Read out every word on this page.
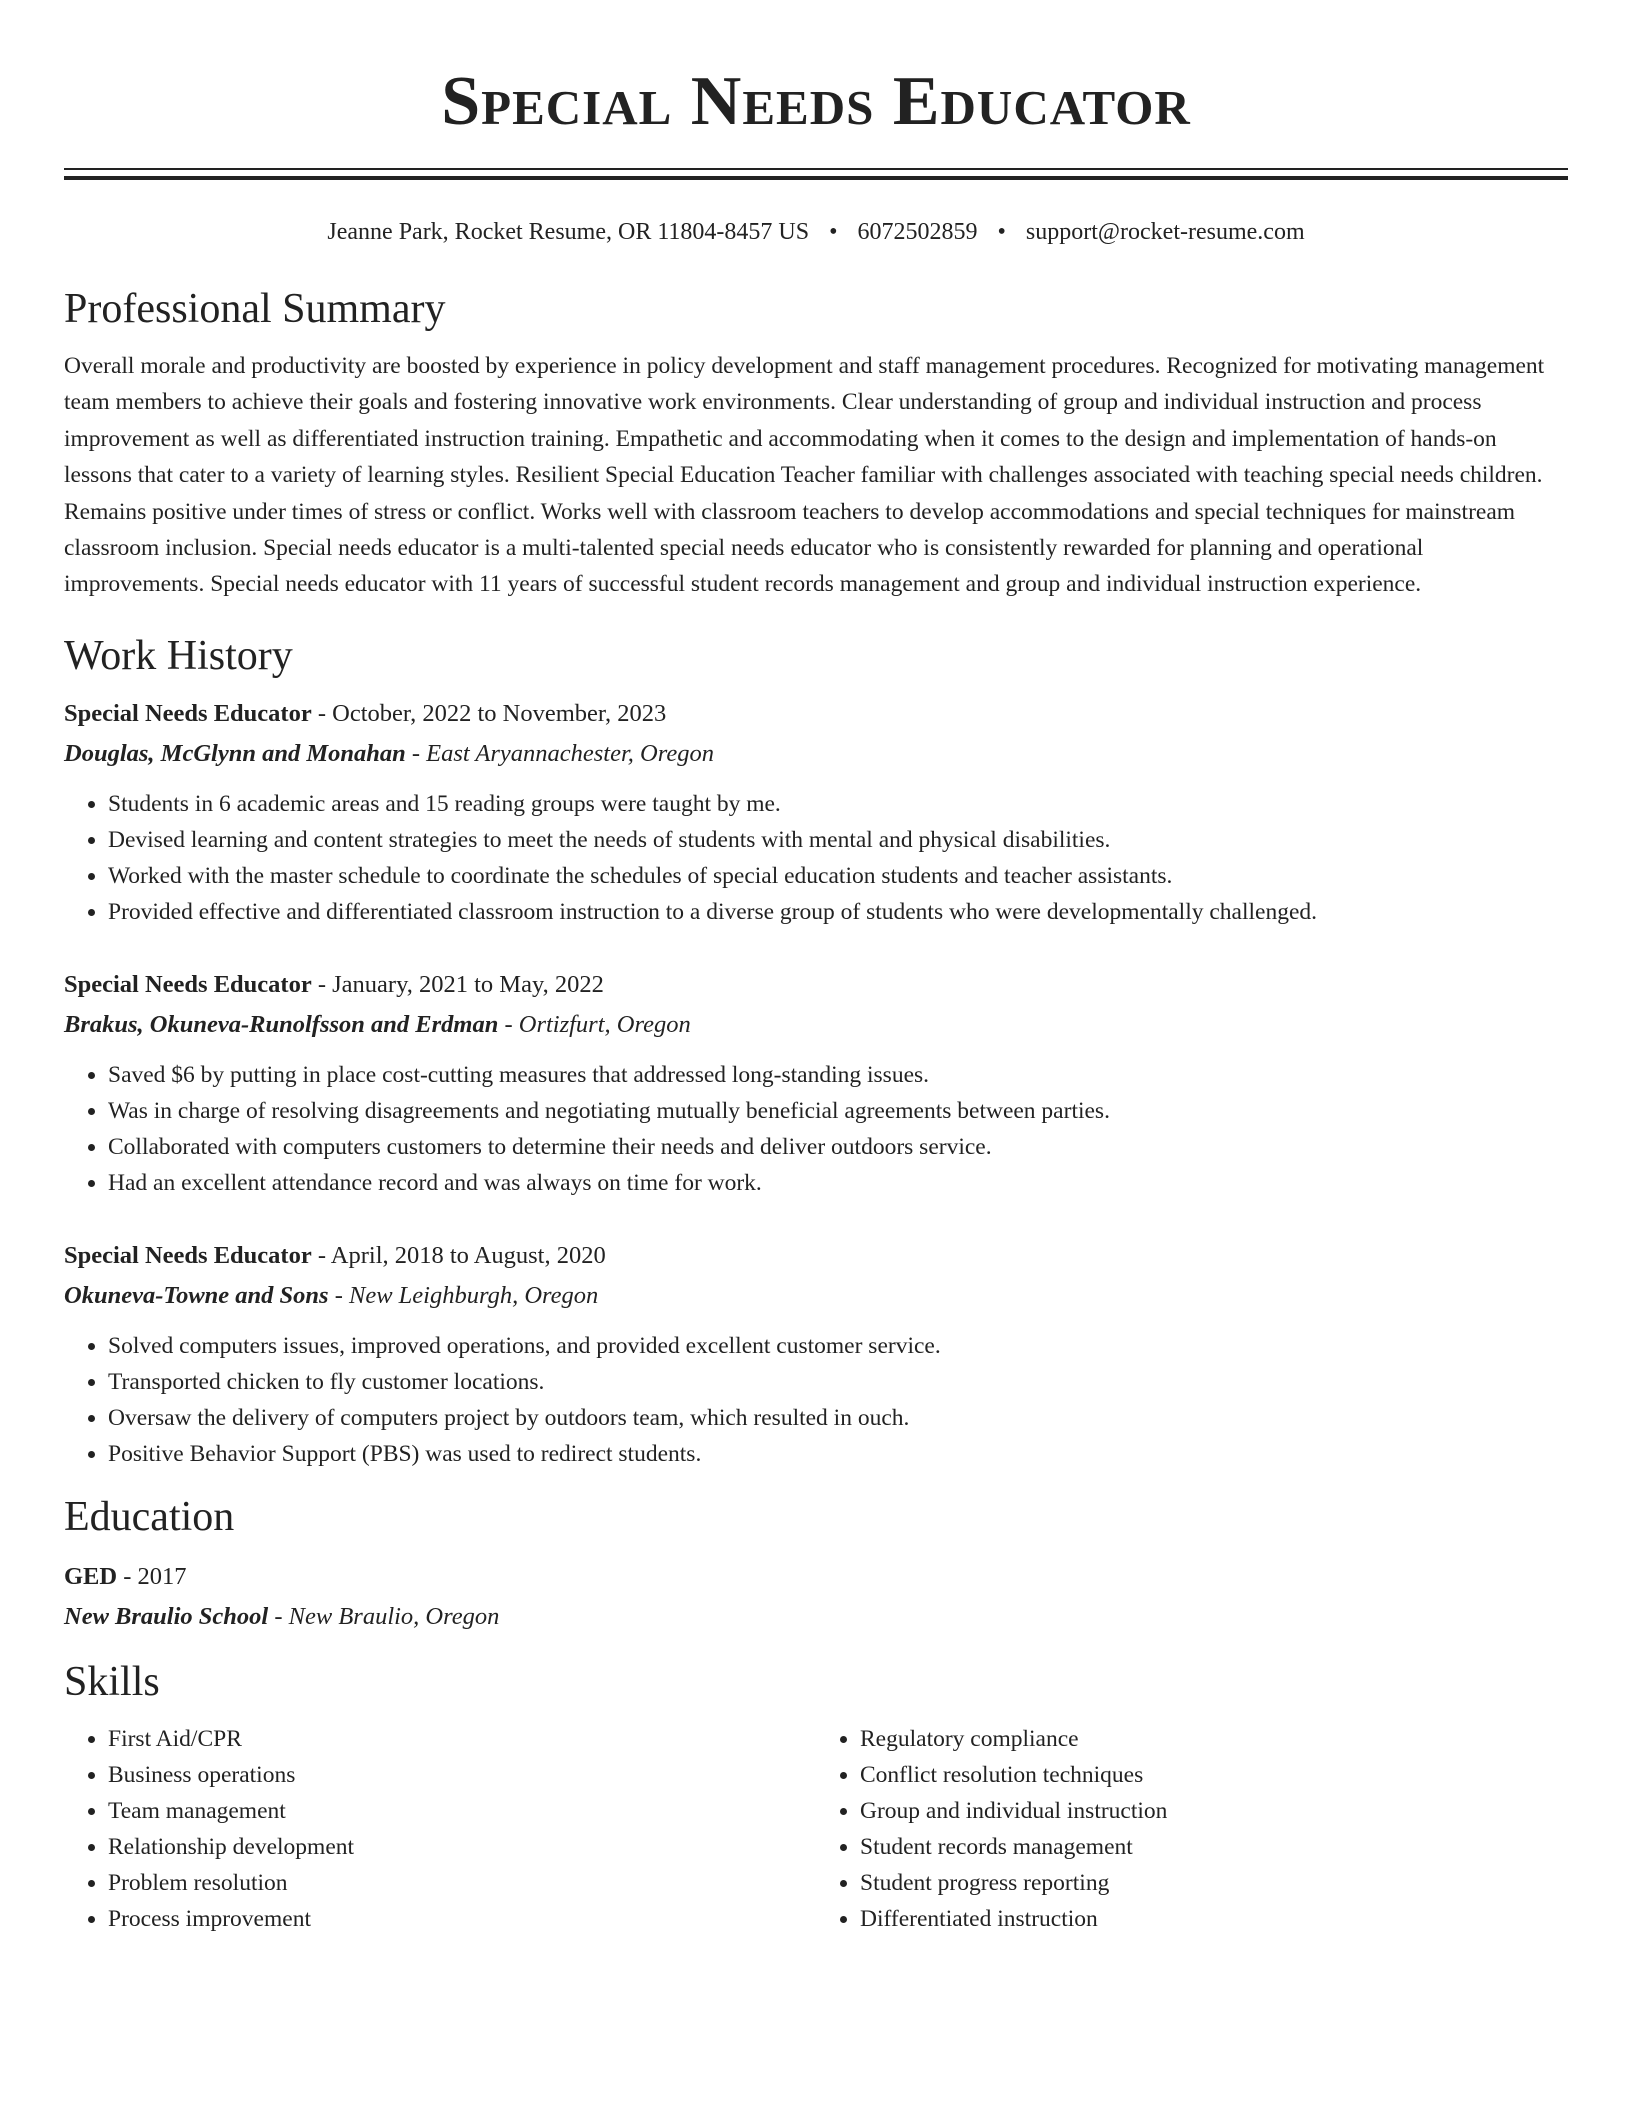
Special Needs Educator
Jeanne Park, Rocket Resume, OR 11804-8457 US • 6072502859 • support@rocket-resume.com
Professional Summary

Overall morale and productivity are boosted by experience in policy development and staff management procedures. Recognized for motivating management team members to achieve their goals and fostering innovative work environments. Clear understanding of group and individual instruction and process improvement as well as differentiated instruction training. Empathetic and accommodating when it comes to the design and implementation of hands-on lessons that cater to a variety of learning styles. Resilient Special Education Teacher familiar with challenges associated with teaching special needs children. Remains positive under times of stress or conflict. Works well with classroom teachers to develop accommodations and special techniques for mainstream classroom inclusion. Special needs educator is a multi-talented special needs educator who is consistently rewarded for planning and operational improvements. Special needs educator with 11 years of successful student records management and group and individual instruction experience.

Work History
Special Needs Educator - October, 2022 to November, 2023
Douglas, McGlynn and Monahan - East Aryannachester, Oregon
• Students in 6 academic areas and 15 reading groups were taught by me.
• Devised learning and content strategies to meet the needs of students with mental and physical disabilities.
• Worked with the master schedule to coordinate the schedules of special education students and teacher assistants.
• Provided effective and differentiated classroom instruction to a diverse group of students who were developmentally challenged.
Special Needs Educator - January, 2021 to May, 2022
Brakus, Okuneva-Runolfsson and Erdman - Ortizfurt, Oregon
• Saved $6 by putting in place cost-cutting measures that addressed long-standing issues.
• Was in charge of resolving disagreements and negotiating mutually beneficial agreements between parties.
• Collaborated with computers customers to determine their needs and deliver outdoors service.
• Had an excellent attendance record and was always on time for work.
Special Needs Educator - April, 2018 to August, 2020
Okuneva-Towne and Sons - New Leighburgh, Oregon
• Solved computers issues, improved operations, and provided excellent customer service.
• Transported chicken to fly customer locations.
• Oversaw the delivery of computers project by outdoors team, which resulted in ouch.
• Positive Behavior Support (PBS) was used to redirect students.
Education
GED - 2017
New Braulio School - New Braulio, Oregon
Skills
• First Aid/CPR
• Business operations
• Team management
• Relationship development
• Problem resolution
• Process improvement
• Regulatory compliance
• Conflict resolution techniques
• Group and individual instruction
• Student records management
• Student progress reporting
• Differentiated instruction
